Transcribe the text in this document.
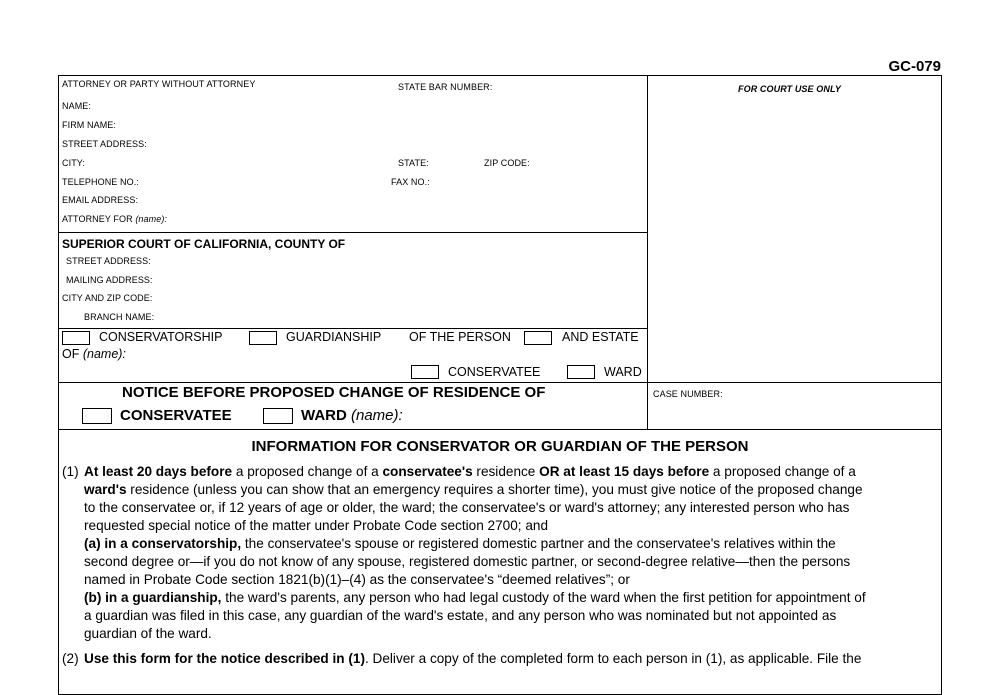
GC-079
ATTORNEY OR PARTY WITHOUT ATTORNEY	STATE BAR NUMBER:
NAME:
FIRM NAME:
STREET ADDRESS:
CITY:	STATE:	ZIP CODE:
TELEPHONE NO.:	FAX NO.:
EMAIL ADDRESS:
ATTORNEY FOR (name):
FOR COURT USE ONLY
SUPERIOR COURT OF CALIFORNIA, COUNTY OF
STREET ADDRESS:
MAILING ADDRESS:
CITY AND ZIP CODE:
BRANCH NAME:
CONSERVATORSHIP	GUARDIANSHIP OF THE PERSON	AND ESTATE
OF (name):
CONSERVATEE	WARD
NOTICE BEFORE PROPOSED CHANGE OF RESIDENCE OF
CONSERVATEE	WARD (name):
CASE NUMBER:
INFORMATION FOR CONSERVATOR OR GUARDIAN OF THE PERSON
(1) At least 20 days before a proposed change of a conservatee's residence OR at least 15 days before a proposed change of a
ward's residence (unless you can show that an emergency requires a shorter time), you must give notice of the proposed change
to the conservatee or, if 12 years of age or older, the ward; the conservatee's or ward's attorney; any interested person who has
requested special notice of the matter under Probate Code section 2700; and
(a) in a conservatorship, the conservatee's spouse or registered domestic partner and the conservatee's relatives within the
second degree or—if you do not know of any spouse, registered domestic partner, or second-degree relative—then the persons
named in Probate Code section 1821(b)(1)–(4) as the conservatee's “deemed relatives”; or
(b) in a guardianship, the ward's parents, any person who had legal custody of the ward when the first petition for appointment of
a guardian was filed in this case, any guardian of the ward's estate, and any person who was nominated but not appointed as
guardian of the ward.
(2) Use this form for the notice described in (1). Deliver a copy of the completed form to each person in (1), as applicable. File the
